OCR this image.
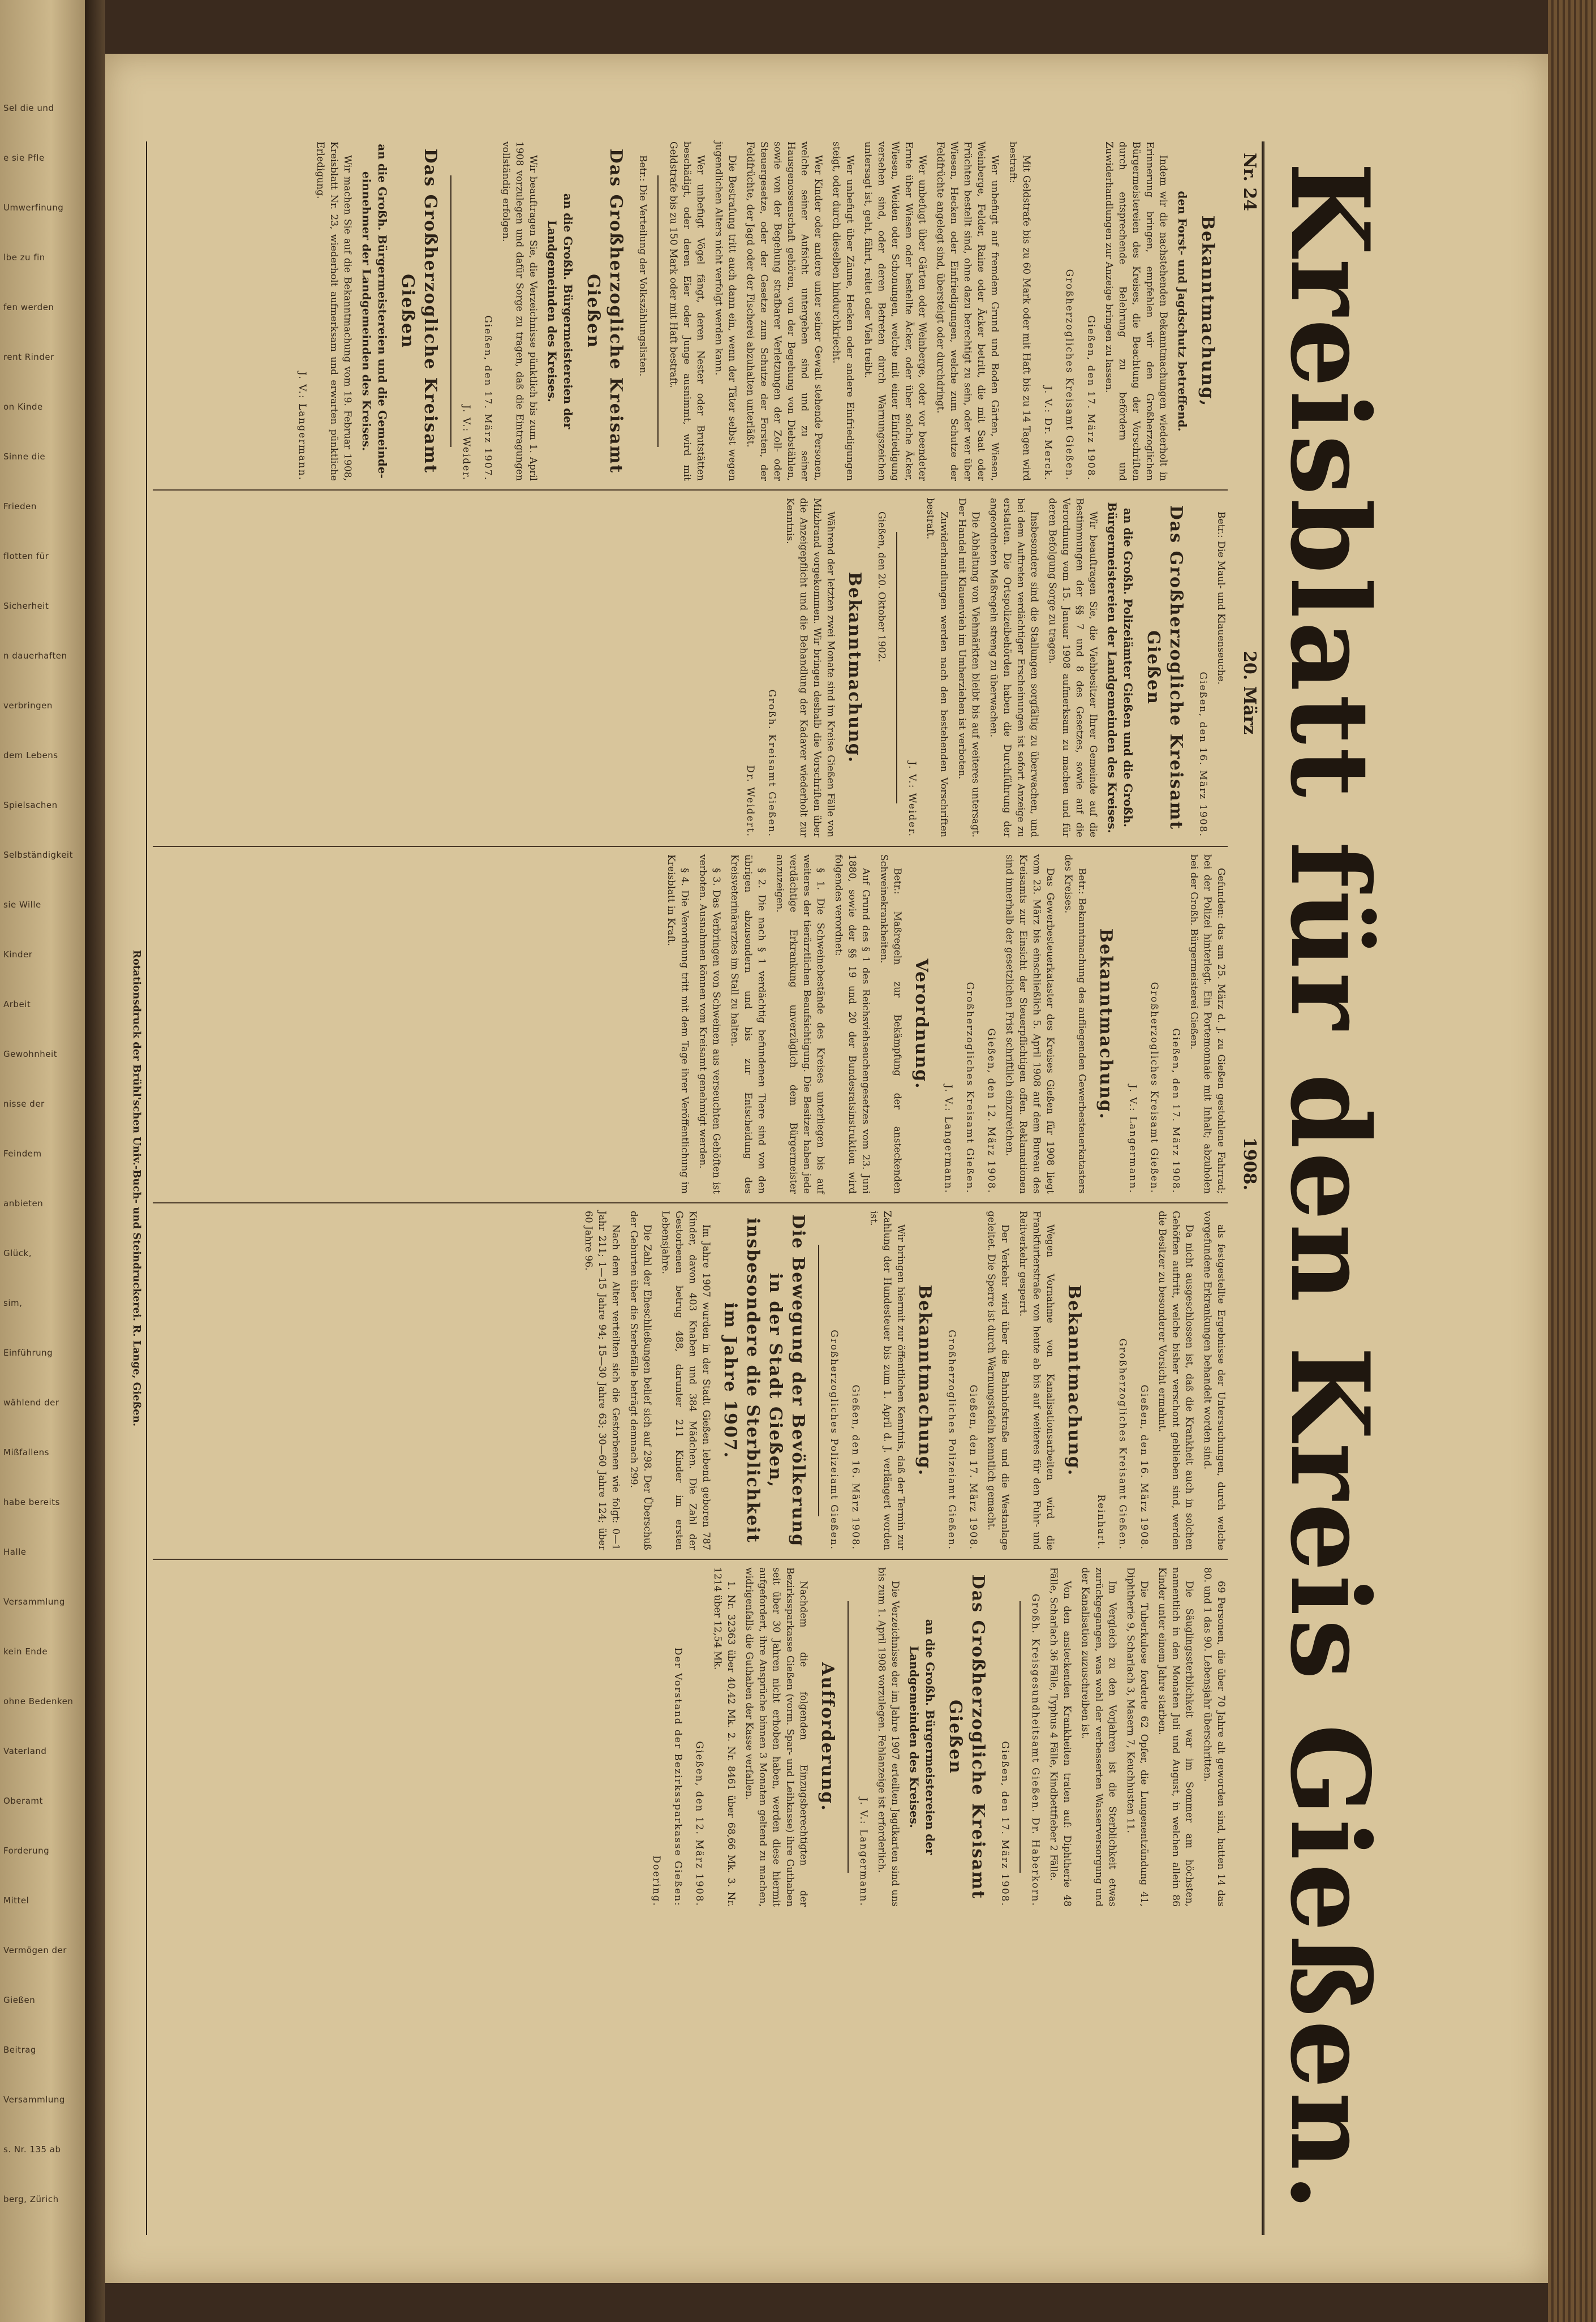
Sel die und
e sie Pfle
Umwerfinung
lbe zu fin
fen werden
rent Rinder
on Kinde
Sinne die
Frieden
flotten für
Sicherheit
n dauerhaften
verbringen
dem Lebens
Spielsachen
Selbständigkeit
sie Wille
Kinder
Arbeit
Gewohnheit
nisse der
Feindem
anbieten
Glück,
sim,
Einführung
wählend der
Mißfallens
habe bereits
Halle
Versammlung
kein Ende
ohne Bedenken
Vaterland
Oberamt
Forderung
Mittel
Vermögen der
Gießen
Beitrag
Versammlung
s. Nr. 135 ab
berg, Zürich	Kreisblatt für den Kreis Gießen.
Nr. 24
20. März
1908.
Bekanntmachung,
den Forst- und Jagdschutz betreffend.

Indem wir die nachstehenden Bekanntmachungen wiederholt in Erinnerung bringen, empfehlen wir den Großherzoglichen Bürgermeistereien des Kreises, die Beachtung der Vorschriften durch entsprechende Belehrung zu befördern und Zuwiderhandlungen zur Anzeige bringen zu lassen.

Gießen, den 17. März 1908.
Großherzogliches Kreisamt Gießen.
J. V.: Dr. Merck.

Mit Geldstrafe bis zu 60 Mark oder mit Haft bis zu 14 Tagen wird bestraft:

Wer unbefugt auf fremdem Grund und Boden Gärten, Wiesen, Weinberge, Felder, Raine oder Äcker betritt, die mit Saat oder Früchten bestellt sind, ohne dazu berechtigt zu sein, oder wer über Wiesen, Hecken oder Einfriedigungen, welche zum Schutze der Feldfrüchte angelegt sind, übersteigt oder durchdringt.

Wer unbefugt über Gärten oder Weinberge, oder vor beendeter Ernte über Wiesen oder bestellte Äcker, oder über solche Äcker, Wiesen, Weiden oder Schonungen, welche mit einer Einfriedigung versehen sind, oder deren Betreten durch Warnungszeichen untersagt ist, geht, fährt, reitet oder Vieh treibt.

Wer unbefugt über Zäune, Hecken oder andere Einfriedigungen steigt, oder durch dieselben hindurchkriecht.

Wer Kinder oder andere unter seiner Gewalt stehende Personen, welche seiner Aufsicht untergeben sind und zu seiner Hausgenossenschaft gehören, von der Begehung von Diebstählen, sowie von der Begehung strafbarer Verletzungen der Zoll- oder Steuergesetze, oder der Gesetze zum Schutze der Forsten, der Feldfrüchte, der Jagd oder der Fischerei abzuhalten unterläßt.

Die Bestrafung tritt auch dann ein, wenn der Täter selbst wegen jugendlichen Alters nicht verfolgt werden kann.

Wer unbefugt Vögel fängt, deren Nester oder Brutstätten beschädigt, oder deren Eier oder Junge ausnimmt, wird mit Geldstrafe bis zu 150 Mark oder mit Haft bestraft.

Betr.: Die Verteilung der Volkszählungslisten.

Das Großherzogliche Kreisamt Gießen
an die Großh. Bürgermeistereien der Landgemeinden des Kreises.

Wir beauftragen Sie, die Verzeichnisse pünktlich bis zum 1. April 1908 vorzulegen und dafür Sorge zu tragen, daß die Eintragungen vollständig erfolgen.

Gießen, den 17. März 1907.
J. V.: Weider.
Das Großherzogliche Kreisamt Gießen
an die Großh. Bürgermeistereien und die Gemeinde-einnehmer der Landgemeinden des Kreises.

Wir machen Sie auf die Bekanntmachung vom 19. Februar 1908, Kreisblatt Nr. 23, wiederholt aufmerksam und erwarten pünktliche Erledigung.

J. V.: Langermann.

Betr.: Die Maul- und Klauenseuche.

Gießen, den 16. März 1908.
Das Großherzogliche Kreisamt Gießen
an die Großh. Polizeiämter Gießen und die Großh. Bürgermeistereien der Landgemeinden des Kreises.

Wir beauftragen Sie, die Viehbesitzer Ihrer Gemeinde auf die Bestimmungen der §§ 7 und 8 des Gesetzes, sowie auf die Verordnung vom 15. Januar 1908 aufmerksam zu machen und für deren Befolgung Sorge zu tragen.

Insbesondere sind die Stallungen sorgfältig zu überwachen, und bei dem Auftreten verdächtiger Erscheinungen ist sofort Anzeige zu erstatten. Die Ortspolizeibehörden haben die Durchführung der angeordneten Maßregeln streng zu überwachen.

Die Abhaltung von Viehmärkten bleibt bis auf weiteres untersagt. Der Handel mit Klauenvieh im Umherziehen ist verboten.

Zuwiderhandlungen werden nach den bestehenden Vorschriften bestraft.

J. V.: Weider.

Gießen, den 20. Oktober 1902.

Bekanntmachung.

Während der letzten zwei Monate sind im Kreise Gießen Fälle von Milzbrand vorgekommen. Wir bringen deshalb die Vorschriften über die Anzeigepflicht und die Behandlung der Kadaver wiederholt zur Kenntnis.

Großh. Kreisamt Gießen.
Dr. Weidert.

Gefunden: das am 25. März d. J. zu Gießen gestohlene Fahrrad; bei der Polizei hinterlegt. Ein Portemonnaie mit Inhalt; abzuholen bei der Großh. Bürgermeisterei Gießen.

Gießen, den 17. März 1908.
Großherzogliches Kreisamt Gießen.
J. V.: Langermann.
Bekanntmachung.

Betr.: Bekanntmachung des aufliegenden Gewerbesteuerkatasters des Kreises.

Das Gewerbesteuerkataster des Kreises Gießen für 1908 liegt vom 23. März bis einschließlich 5. April 1908 auf dem Bureau des Kreisamts zur Einsicht der Steuerpflichtigen offen. Reklamationen sind innerhalb der gesetzlichen Frist schriftlich einzureichen.

Gießen, den 12. März 1908.
Großherzogliches Kreisamt Gießen.
J. V.: Langermann.
Verordnung.

Betr.: Maßregeln zur Bekämpfung der ansteckenden Schweinekrankheiten.

Auf Grund des § 1 des Reichsviehseuchengesetzes vom 23. Juni 1880, sowie der §§ 19 und 20 der Bundesratsinstruktion wird folgendes verordnet:

§ 1. Die Schweinebestände des Kreises unterliegen bis auf weiteres der tierärztlichen Beaufsichtigung. Die Besitzer haben jede verdächtige Erkrankung unverzüglich dem Bürgermeister anzuzeigen.

§ 2. Die nach § 1 verdächtig befundenen Tiere sind von den übrigen abzusondern und bis zur Entscheidung des Kreisveterinärarztes im Stall zu halten.

§ 3. Das Verbringen von Schweinen aus verseuchten Gehöften ist verboten. Ausnahmen können vom Kreisamt genehmigt werden.

§ 4. Die Verordnung tritt mit dem Tage ihrer Veröffentlichung im Kreisblatt in Kraft.

als festgestellte Ergebnisse der Untersuchungen, durch welche vorgefundene Erkrankungen behandelt worden sind.

Da nicht ausgeschlossen ist, daß die Krankheit auch in solchen Gehöften auftritt, welche bisher verschont geblieben sind, werden die Besitzer zu besonderer Vorsicht ermahnt.

Gießen, den 16. März 1908.
Großherzogliches Kreisamt Gießen.
Reinhart.
Bekanntmachung.

Wegen Vornahme von Kanalisationsarbeiten wird die Frankfurterstraße von heute ab bis auf weiteres für den Fuhr- und Reitverkehr gesperrt.

Der Verkehr wird über die Bahnhofstraße und die Westanlage geleitet. Die Sperre ist durch Warnungstafeln kenntlich gemacht.

Gießen, den 17. März 1908.
Großherzogliches Polizeiamt Gießen.
Bekanntmachung.

Wir bringen hiermit zur öffentlichen Kenntnis, daß der Termin zur Zahlung der Hundesteuer bis zum 1. April d. J. verlängert worden ist.

Gießen, den 16. März 1908.
Großherzogliches Polizeiamt Gießen.
Die Bewegung der Bevölkerung in der Stadt Gießen, insbesondere die Sterblichkeit im Jahre 1907.

Im Jahre 1907 wurden in der Stadt Gießen lebend geboren 787 Kinder, davon 403 Knaben und 384 Mädchen. Die Zahl der Gestorbenen betrug 488, darunter 211 Kinder im ersten Lebensjahre.

Die Zahl der Eheschließungen belief sich auf 298. Der Überschuß der Geburten über die Sterbefälle beträgt demnach 299.

Nach dem Alter verteilten sich die Gestorbenen wie folgt: 0—1 Jahr 211; 1—15 Jahre 94; 15—30 Jahre 63; 30—60 Jahre 124; über 60 Jahre 96.

69 Personen, die über 70 Jahre alt geworden sind, hatten 14 das 80. und 1 das 90. Lebensjahr überschritten.

Die Säuglingssterblichkeit war im Sommer am höchsten, namentlich in den Monaten Juli und August, in welchen allein 86 Kinder unter einem Jahre starben.

Die Tuberkulose forderte 62 Opfer, die Lungenentzündung 41, Diphtherie 9, Scharlach 3, Masern 7, Keuchhusten 11.

Im Vergleich zu den Vorjahren ist die Sterblichkeit etwas zurückgegangen, was wohl der verbesserten Wasserversorgung und der Kanalisation zuzuschreiben ist.

Von den ansteckenden Krankheiten traten auf: Diphtherie 48 Fälle, Scharlach 36 Fälle, Typhus 4 Fälle, Kindbettfieber 2 Fälle.

Großh. Kreisgesundheitsamt Gießen. Dr. Haberkorn.
Gießen, den 17. März 1908.
Das Großherzogliche Kreisamt Gießen
an die Großh. Bürgermeistereien der Landgemeinden des Kreises.

Die Verzeichnisse der im Jahre 1907 erteilten Jagdkarten sind uns bis zum 1. April 1908 vorzulegen. Fehlanzeige ist erforderlich.

J. V.: Langermann.
Aufforderung.

Nachdem die folgenden Einzugsberechtigten der Bezirkssparkasse Gießen (vorm. Spar- und Leihkasse) ihre Guthaben seit über 30 Jahren nicht erhoben haben, werden diese hiermit aufgefordert, ihre Ansprüche binnen 3 Monaten geltend zu machen, widrigenfalls die Guthaben der Kasse verfallen.

1. Nr. 32363 über 40,42 Mk. 2. Nr. 8461 über 68,66 Mk. 3. Nr. 1214 über 12,54 Mk.

Gießen, den 12. März 1908.
Der Vorstand der Bezirkssparkasse Gießen:
Doering.
Rotationsdruck der Brühl'schen Univ.-Buch- und Steindruckerei. R. Lange, Gießen.
